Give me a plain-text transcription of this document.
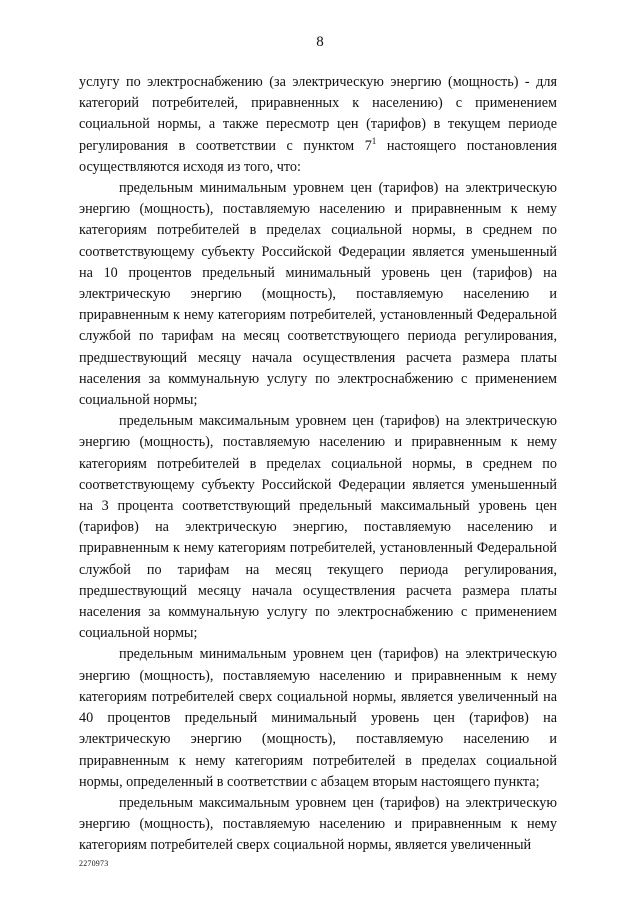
8

услугу по электроснабжению (за электрическую энергию (мощность) - для категорий потребителей, приравненных к населению) с применением социальной нормы, а также пересмотр цен (тарифов) в текущем периоде регулирования в соответствии с пунктом $7^1$ настоящего постановления осуществляются исходя из того, что:

предельным минимальным уровнем цен (тарифов) на электрическую энергию (мощность), поставляемую населению и приравненным к нему категориям потребителей в пределах социальной нормы, в среднем по соответствующему субъекту Российской Федерации является уменьшенный на 10 процентов предельный минимальный уровень цен (тарифов) на электрическую энергию (мощность), поставляемую населению и приравненным к нему категориям потребителей, установленный Федеральной службой по тарифам на месяц соответствующего периода регулирования, предшествующий месяцу начала осуществления расчета размера платы населения за коммунальную услугу по электроснабжению с применением социальной нормы;

предельным максимальным уровнем цен (тарифов) на электрическую энергию (мощность), поставляемую населению и приравненным к нему категориям потребителей в пределах социальной нормы, в среднем по соответствующему субъекту Российской Федерации является уменьшенный на 3 процента соответствующий предельный максимальный уровень цен (тарифов) на электрическую энергию, поставляемую населению и приравненным к нему категориям потребителей, установленный Федеральной службой по тарифам на месяц текущего периода регулирования, предшествующий месяцу начала осуществления расчета размера платы населения за коммунальную услугу по электроснабжению с применением социальной нормы;

предельным минимальным уровнем цен (тарифов) на электрическую энергию (мощность), поставляемую населению и приравненным к нему категориям потребителей сверх социальной нормы, является увеличенный на 40 процентов предельный минимальный уровень цен (тарифов) на электрическую энергию (мощность), поставляемую населению и приравненным к нему категориям потребителей в пределах социальной нормы, определенный в соответствии с абзацем вторым настоящего пункта;

предельным максимальным уровнем цен (тарифов) на электрическую энергию (мощность), поставляемую населению и приравненным к нему категориям потребителей сверх социальной нормы, является увеличенный

2270973
